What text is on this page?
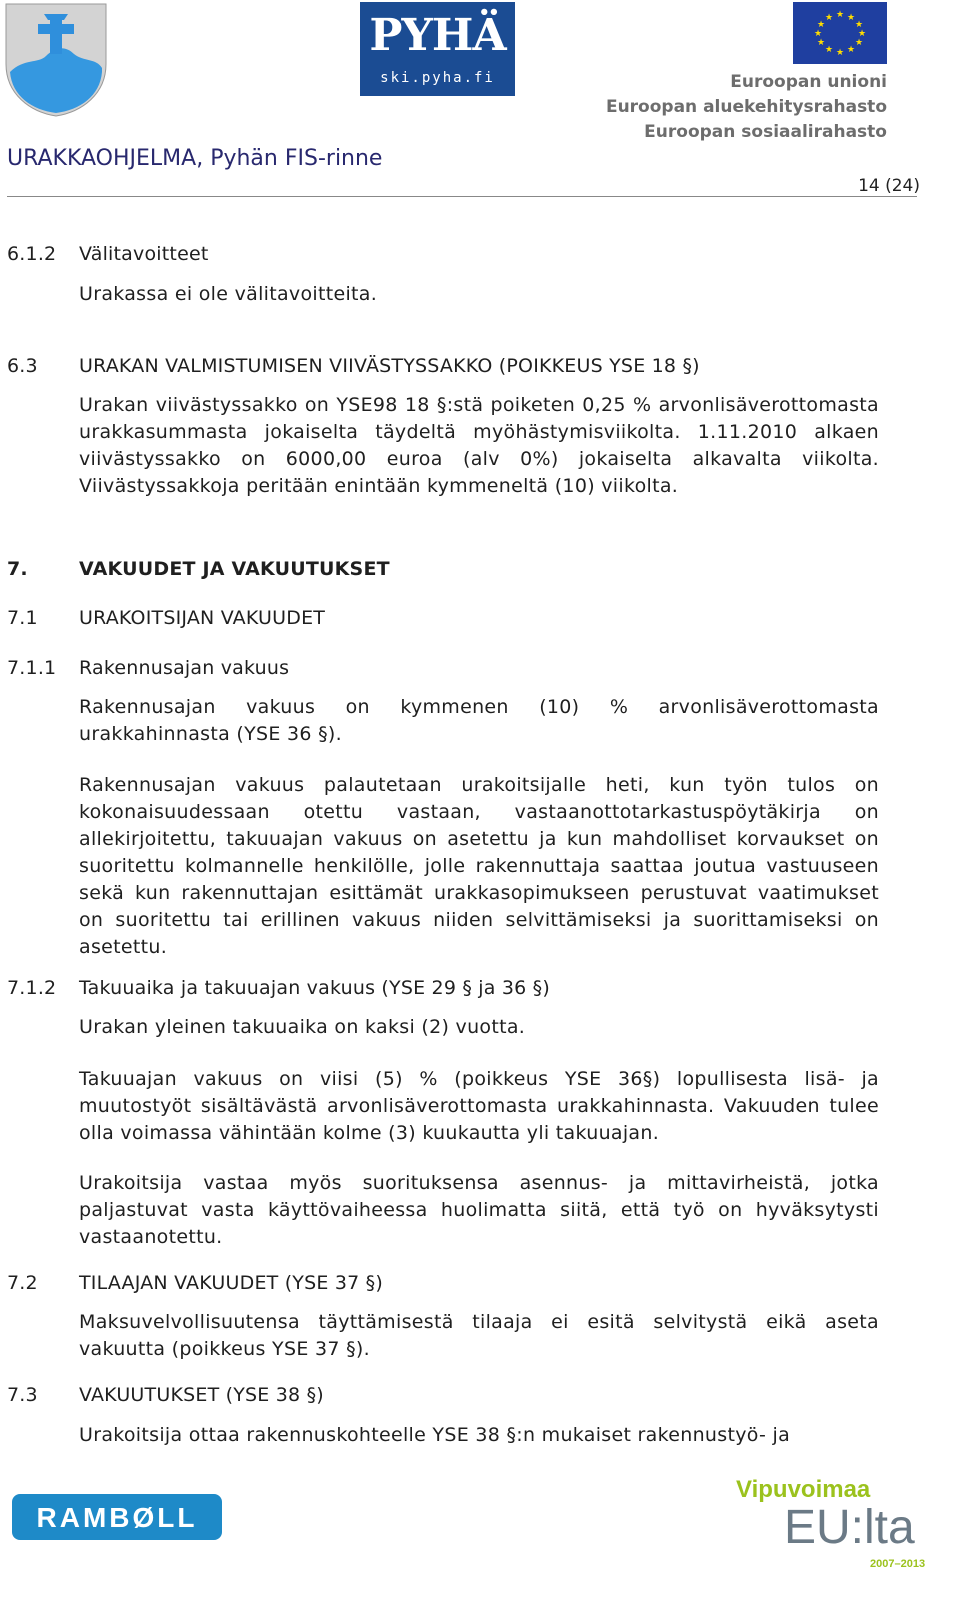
PYHÄ
ski.pyha.fi
★ ★
★
★
★
★
★
★
★
★
★
★
Euroopan unioni
Euroopan aluekehitysrahasto
Euroopan sosiaalirahasto
URAKKAOHJELMA, Pyhän FIS-rinne
14 (24)
6.1.2 Välitavoitteet
Urakassa ei ole välitavoitteita.
6.3 URAKAN VALMISTUMISEN VIIVÄSTYSSAKKO (POIKKEUS YSE 18 §)
Urakan viivästyssakko on YSE98 18 §:stä poiketen 0,25 % arvonlisäverottomasta urakkasummasta jokaiselta täydeltä myöhästymisviikolta. 1.11.2010 alkaen viivästyssakko on 6000,00 euroa (alv 0%) jokaiselta alkavalta viikolta. Viivästyssakkoja peritään enintään kymmeneltä (10) viikolta.
7.	VAKUUDET JA VAKUUTUKSET
7.1 URAKOITSIJAN VAKUUDET
7.1.1 Rakennusajan vakuus
Rakennusajan vakuus on kymmenen (10) % arvonlisäverottomasta urakkahinnasta (YSE 36 §).
Rakennusajan vakuus palautetaan urakoitsijalle heti, kun työn tulos on kokonaisuudessaan otettu vastaan, vastaanottotarkastuspöytäkirja on allekirjoitettu, takuuajan vakuus on asetettu ja kun mahdolliset korvaukset on suoritettu kolmannelle henkilölle, jolle rakennuttaja saattaa joutua vastuuseen sekä kun rakennuttajan esittämät urakkasopimukseen perustuvat vaatimukset on suoritettu tai erillinen vakuus niiden selvittämiseksi ja suorittamiseksi on asetettu.
7.1.2 Takuuaika ja takuuajan vakuus (YSE 29 § ja 36 §)
Urakan yleinen takuuaika on kaksi (2) vuotta.
Takuuajan vakuus on viisi (5) % (poikkeus YSE 36§) lopullisesta lisä- ja muutostyöt sisältävästä arvonlisäverottomasta urakkahinnasta. Vakuuden tulee olla voimassa vähintään kolme (3) kuukautta yli takuuajan.
Urakoitsija vastaa myös suorituksensa asennus- ja mittavirheistä, jotka paljastuvat vasta käyttövaiheessa huolimatta siitä, että työ on hyväksytysti vastaanotettu.
7.2 TILAAJAN VAKUUDET (YSE 37 §)
Maksuvelvollisuutensa täyttämisestä tilaaja ei esitä selvitystä eikä aseta vakuutta (poikkeus YSE 37 §).
7.3 VAKUUTUKSET (YSE 38 §)
Urakoitsija ottaa rakennuskohteelle YSE 38 §:n mukaiset rakennustyö- ja
RAMBØLL
Vipuvoimaa
EU:lta
2007–2013
